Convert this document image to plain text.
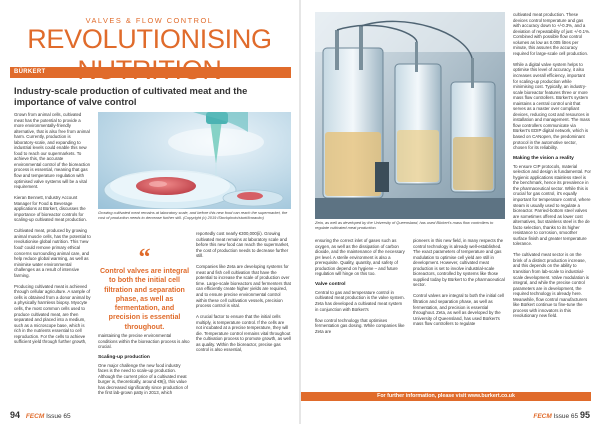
VALVES & FLOW CONTROL
REVOLUTIONISING
BÜRKERT
Industry-scale production of cultivated meat and the importance of valve control

Grown from animal cells, cultivated meat has the potential to provide a more environmentally-friendly alternative, that is also free from animal harm. Currently, production is laboratory-scale, and expanding to industrial levels could enable this new food to reach our supermarkets. To achieve this, the accurate environmental control of the bioreaction process is essential, meaning that gas flow and temperature regulation with optimised valve systems will be a vital requirement.

Kieran Bennett, Industry Account Manager for Food & Beverage applications at Bürkert, discusses the importance of bioreactor controls for scaling-up cultivated meat production.

Cultivated meat, produced by growing animal muscle cells, has the potential to revolutionise global nutrition. This 'new food' could remove primary ethical concerns surrounding animal care, and help reduce global warming, as well as minimise water environmental challenges as a result of intensive farming.

Producing cultivated meat is achieved through cellular agriculture. A sample of cells is obtained from a donor animal by a physically harmless biopsy. Myocyte cells, the most common cells used to produce cultivated meat, are then separated and placed into a medium, such as a microscope base, which is rich in the nutrients essential to cell reproduction. For the cells to achieve sufficient yield through further growth,

Growing cultivated meat remains at laboratory scale, and before this new food can reach the supermarket, the cost of production needs to decrease further still. (Copyright (c) 2019 iStockphoto/sturti/Iraraoko)
“
Control valves are integral to both the initial cell filtration and separation phase, as well as fermentation, and precision is essential throughout.

maintaining the precise environmental conditions within the bioreaction process is also crucial.

Scaling-up production

One major challenge the new food industry faces is the need to scale-up production. Although the current price of a cultivated meat burger is, theoretically, around €9(i), this value has decreased significantly since production of the first lab-grown patty in 2013, which

reportedly cost nearly €300,000(ii). Growing cultivated meat remains at laboratory scale and before this new food can reach the supermarket, the cost of production needs to decrease further still.

Companies like Zeta are developing systems for meat and fish cell cultivation that have the potential to increase the scale of production over time. Large-scale bioreactors and fermenters that can efficiently create higher yields are required, and to ensure precise environmental control within these cell cultivation vessels, precision process control is vital.

A crucial factor to ensure that the initial cells multiply, is temperature control. If the cells are not incubated at a precise temperature, they will die. Temperature control remains vital throughout the cultivation process to promote growth, as well as quality. Within the bioreactor, precise gas control is also essential,

94 FECM Issue 65
Zeta, as well as developed by the University of Queensland, has used Bürkert's mass flow controllers to regulate cultivated meat production.

ensuring the correct inlet of gases such as oxygen, as well as the dissipation of carbon dioxide, and the maintenance of the necessary pH level. A sterile environment is also a prerequisite. Quality, quantity, and safety of production depend on hygiene – and future regulation will hinge on this too.

Valve control

Central to gas and temperature control in cultivated meat production is the valve system. Zeta has developed a cultivated meat system in conjunction with Bürkert's

flow control technology that optimises fermentation gas dosing. While companies like Zeta are

pioneers in this new field, in many respects the control technology is already well-established. The exact parameters of temperature and gas modulation to optimise cell yield are still in development. However, cultivated meat production is set to involve industrial-scale bioreactors, controlled by systems like those supplied today by Bürkert to the pharmaceutical sector.

Control valves are integral to both the initial cell filtration and separation phase, as well as fermentation, and precision is essential throughout. Zeta, as well as developed by the University of Queensland, has used Bürkert's mass flow controllers to regulate

cultivated meat production. These devices control temperature and gas with accuracy down to +/-0.3%, and a deviation of repeatability of just +/-0.1%. Combined with possible flow control volumes as low as 0.005 litres per minute, this assures the accuracy required for large-scale cell production.

While a digital valve system helps to optimise this level of accuracy, it also increases overall efficiency, important for scaling-up production while minimising cost. Typically, an industry-scale bioreactor features three or more mass flow controllers. Bürkert's system maintains a central control unit that serves as a master over compliant devices, reducing cost and resources in installation and management. The mass flow controllers communicate via Bürkert's EDIP digital network, which is based on CANopen, the predominant protocol in the automotive sector, chosen for its reliability.

Making the vision a reality

To ensure CIP protocols, material selection and design is fundamental. For hygienic applications stainless steel is the benchmark, hence its prevalence in the pharmaceutical sector. While this is crucial for gas control, it's equally important for temperature control, where steam is usually used to regulate a bioreactor. Parried-bottom steel valves are sometimes offered as lower cost alternatives, but stainless steel is the de facto selection, thanks to its higher resistance to corrosion, smoother surface finish and greater temperature tolerance.

The cultivated meat sector is on the brink of a distinct production increase, and this depends on the ability to transition from lab-scale to industrial-scale development. Valve modulation is integral, and while the precise control parameters are in development, the required technology is already here. Meanwhile, flow control manufacturers like Bürkert continue to fine-tune the process with innovators in this revolutionary new field.

For further information, please visit www.burkert.co.uk
FECM Issue 65 95
